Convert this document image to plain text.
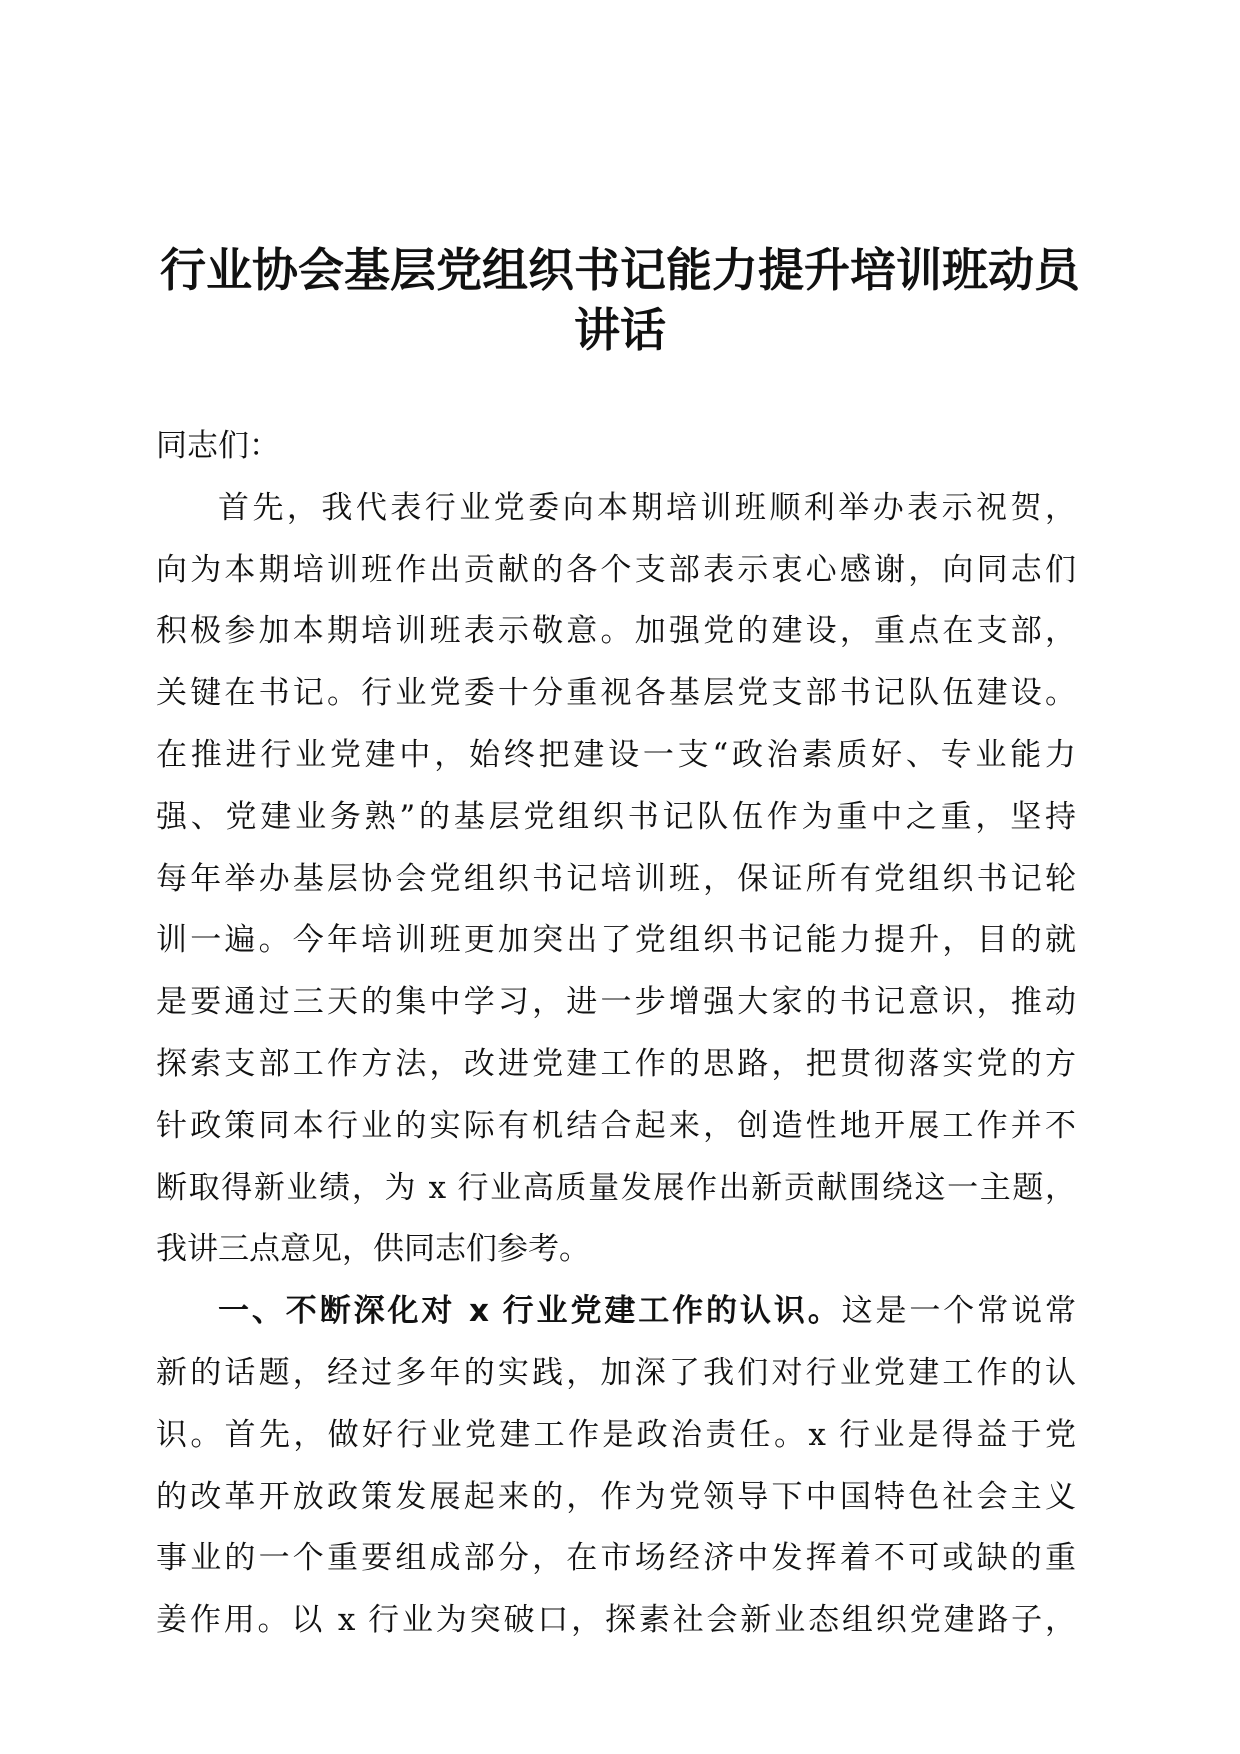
行业协会基层党组织书记能力提升培训班动员
讲话
同志们：
首先，我代表行业党委向本期培训班顺利举办表示祝贺，
向为本期培训班作出贡献的各个支部表示衷心感谢，向同志们
积极参加本期培训班表示敬意。加强党的建设，重点在支部，
关键在书记。行业党委十分重视各基层党支部书记队伍建设。
在推进行业党建中，始终把建设一支“政治素质好、专业能力
强、党建业务熟”的基层党组织书记队伍作为重中之重，坚持
每年举办基层协会党组织书记培训班，保证所有党组织书记轮
训一遍。今年培训班更加突出了党组织书记能力提升，目的就
是要通过三天的集中学习，进一步增强大家的书记意识，推动
探索支部工作方法，改进党建工作的思路，把贯彻落实党的方
针政策同本行业的实际有机结合起来，创造性地开展工作并不
断取得新业绩，为 x 行业高质量发展作出新贡献围绕这一主题，
我讲三点意见，供同志们参考。
一、不断深化对 x 行业党建工作的认识。这是一个常说常
新的话题，经过多年的实践，加深了我们对行业党建工作的认
识。首先，做好行业党建工作是政治责任。x 行业是得益于党
的改革开放政策发展起来的，作为党领导下中国特色社会主义
事业的一个重要组成部分，在市场经济中发挥着不可或缺的重
姜作用。以 x 行业为突破口，探素社会新业态组织党建路子，
